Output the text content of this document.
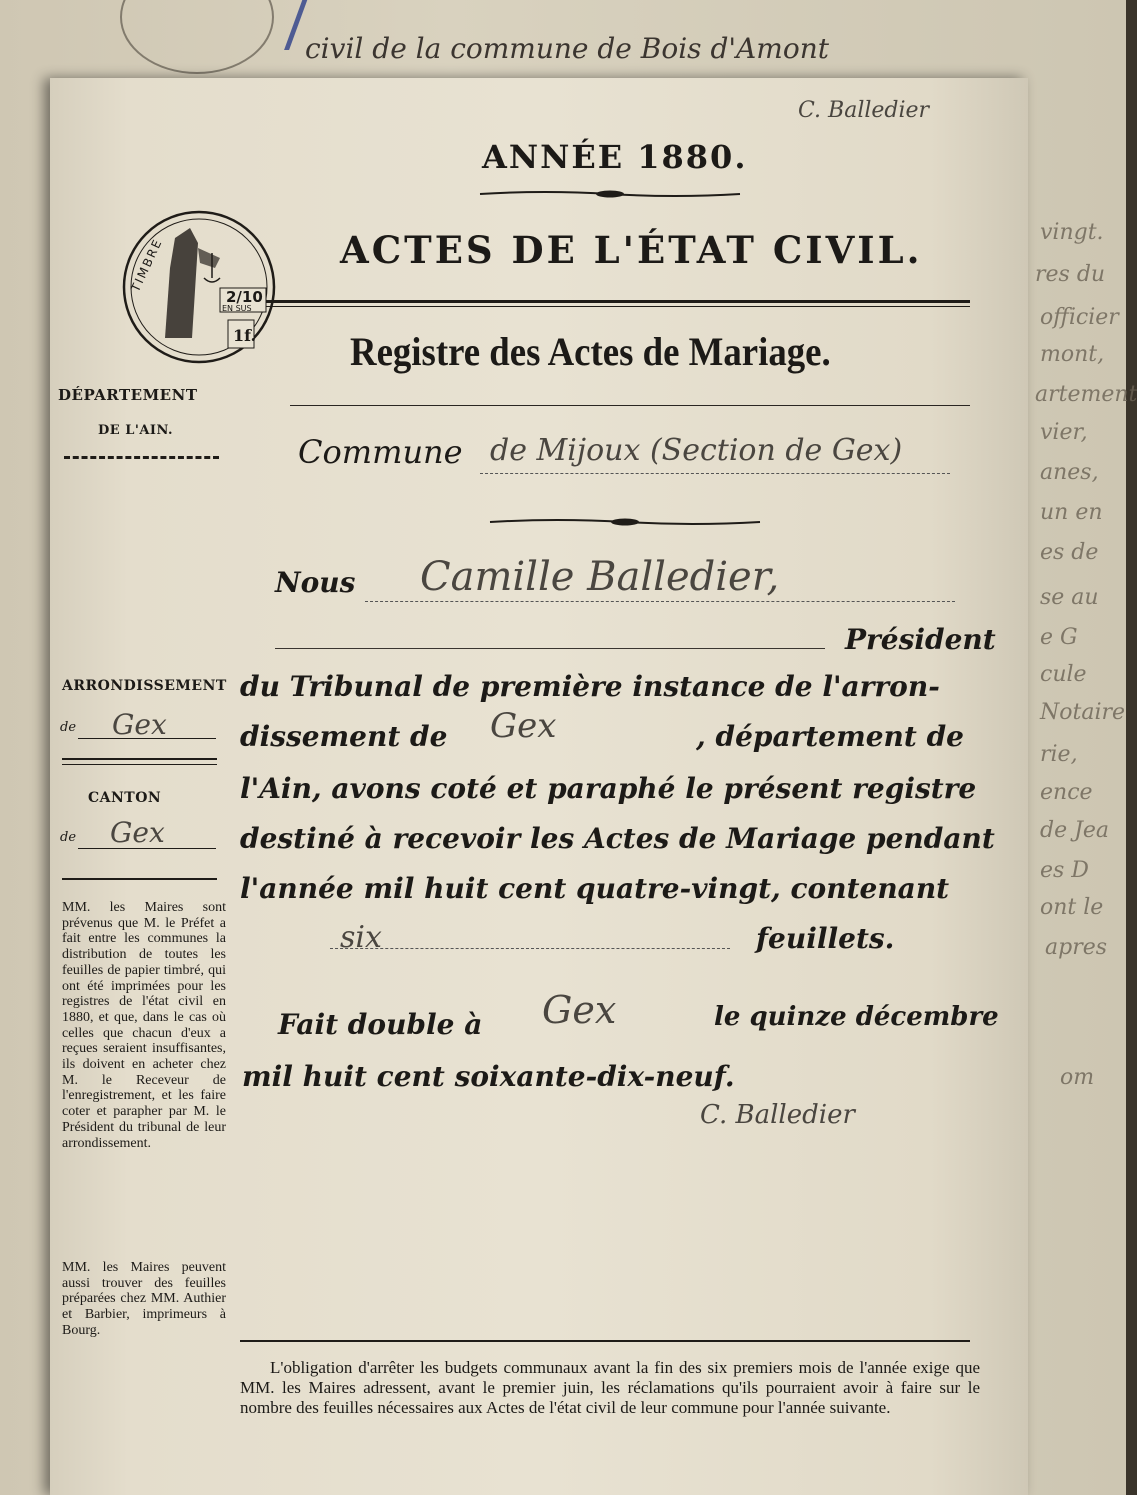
civil de la commune de Bois d'Amont
vingt.
res du
officier
mont,
artement
vier,
anes,
un en
es de
se au
e G
cule
Notaire
rie,
ence
de Jea
es D
ont le
apres
om
C. Balledier
ANNÉE 1880.
ACTES DE L'ÉTAT CIVIL.
Registre des Actes de Mariage.
TIMBRE
2/10
EN SUS
1f.
DÉPARTEMENT
DE L'AIN.
ARRONDISSEMENT
de Gex
CANTON
de Gex
MM. les Maires sont prévenus que M. le Préfet a fait entre les communes la distribution de toutes les feuilles de papier timbré, qui ont été imprimées pour les registres de l'état civil en 1880, et que, dans le cas où celles que chacun d'eux a reçues seraient insuffisantes, ils doivent en acheter chez M. le Receveur de l'enregistrement, et les faire coter et parapher par M. le Président du tribunal de leur arrondissement.
MM. les Maires peuvent aussi trouver des feuilles préparées chez MM. Authier et Barbier, imprimeurs à Bourg.
Commune de Mijoux (Section de Gex)
Nous Camille Balledier,
Président
du Tribunal de première instance de l'arron-
dissement de Gex	, département de
l'Ain, avons coté et paraphé le présent registre
destiné à recevoir les Actes de Mariage pendant
l'année mil huit cent quatre-vingt, contenant
six	feuillets.
Fait double à Gex	le quinze décembre
mil huit cent soixante-dix-neuf.
C. Balledier
L'obligation d'arrêter les budgets communaux avant la fin des six premiers mois de l'année exige que MM. les Maires adressent, avant le premier juin, les réclamations qu'ils pourraient avoir à faire sur le nombre des feuilles nécessaires aux Actes de l'état civil de leur commune pour l'année suivante.
